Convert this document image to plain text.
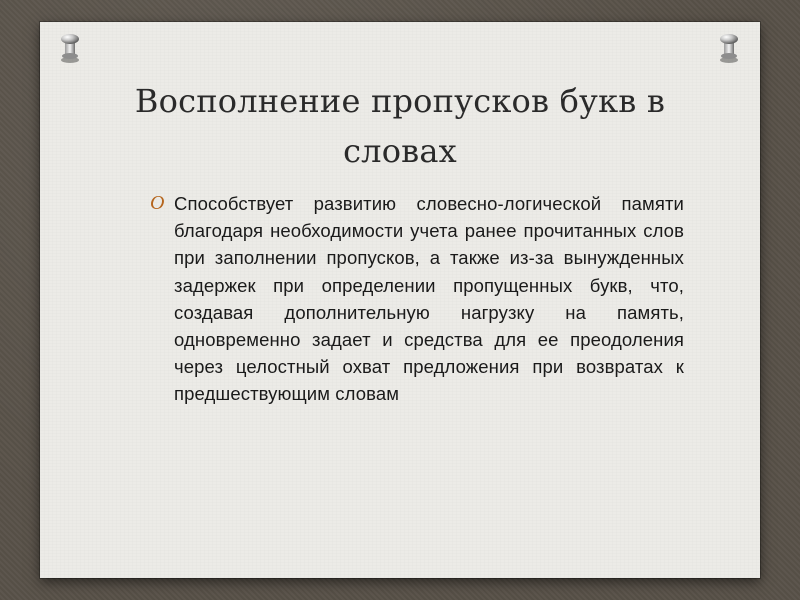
Восполнение пропусков букв в словах
O Способствует развитию словесно-логической памяти благодаря необходимости учета ранее прочитанных слов при заполнении пропусков, а также из-за вынужденных задержек при определении пропущенных букв, что, создавая дополнительную нагрузку на память, одновременно задает и средства для ее преодоления через целостный охват предложения при возвратах к предшествующим словам
